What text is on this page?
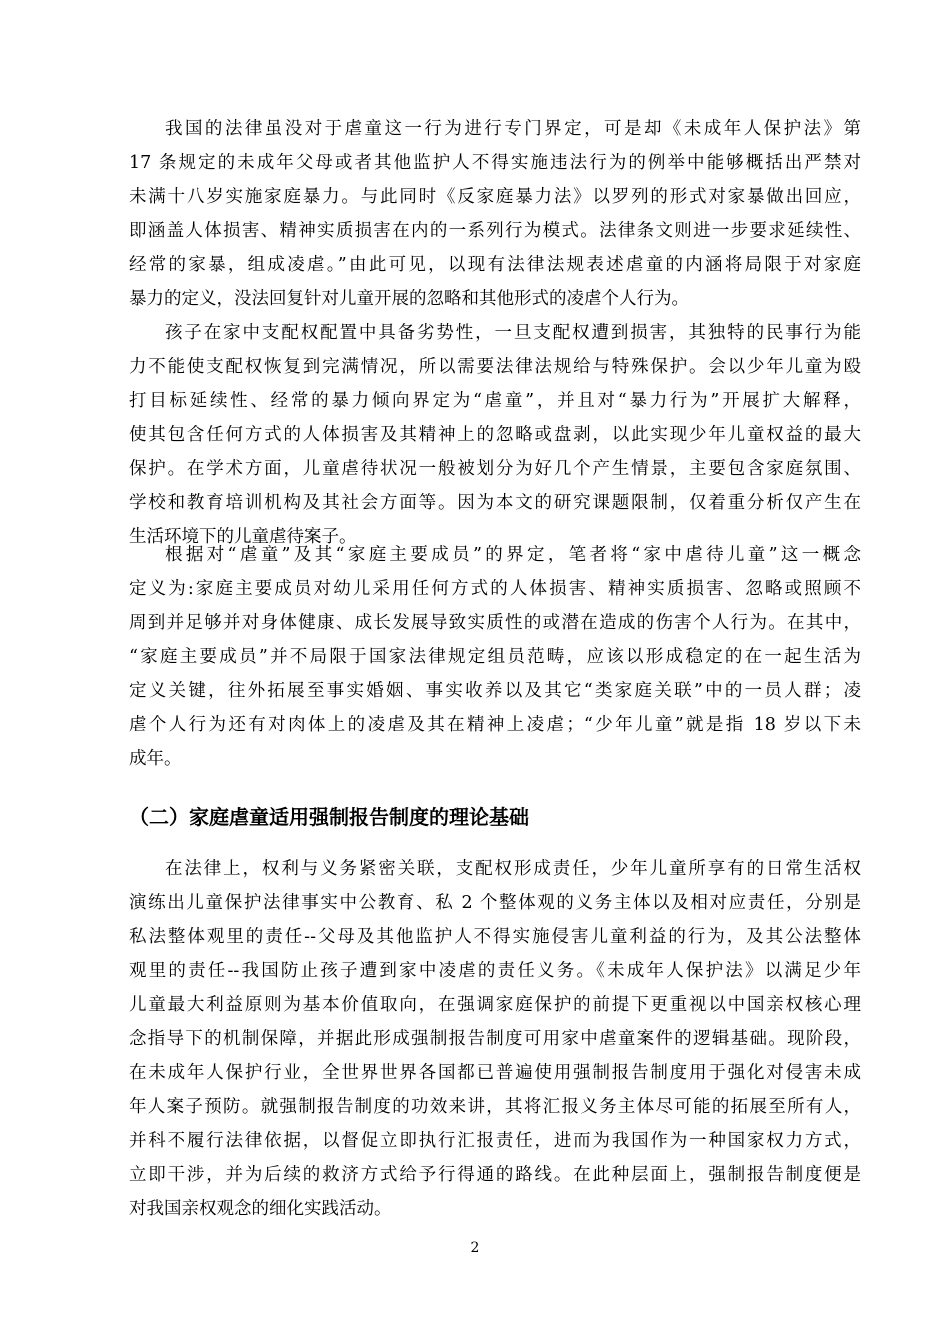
我国的法律虽没对于虐童这一行为进行专门界定，可是却《未成年人保护法》第
17 条规定的未成年父母或者其他监护人不得实施违法行为的例举中能够概括出严禁对
未满十八岁实施家庭暴力。与此同时《反家庭暴力法》以罗列的形式对家暴做出回应，
即涵盖人体损害、精神实质损害在内的一系列行为模式。法律条文则进一步要求延续性、
经常的家暴，组成凌虐。”由此可见，以现有法律法规表述虐童的内涵将局限于对家庭
暴力的定义，没法回复针对儿童开展的忽略和其他形式的凌虐个人行为。
孩子在家中支配权配置中具备劣势性，一旦支配权遭到损害，其独特的民事行为能
力不能使支配权恢复到完满情况，所以需要法律法规给与特殊保护。会以少年儿童为殴
打目标延续性、经常的暴力倾向界定为“虐童”，并且对“暴力行为”开展扩大解释，
使其包含任何方式的人体损害及其精神上的忽略或盘剥，以此实现少年儿童权益的最大
保护。在学术方面，儿童虐待状况一般被划分为好几个产生情景，主要包含家庭氛围、
学校和教育培训机构及其社会方面等。因为本文的研究课题限制，仅着重分析仅产生在
生活环境下的儿童虐待案子。
根据对“虐童”及其“家庭主要成员”的界定，笔者将“家中虐待儿童”这一概念
定义为:家庭主要成员对幼儿采用任何方式的人体损害、精神实质损害、忽略或照顾不
周到并足够并对身体健康、成长发展导致实质性的或潜在造成的伤害个人行为。在其中，
“家庭主要成员”并不局限于国家法律规定组员范畴，应该以形成稳定的在一起生活为
定义关键，往外拓展至事实婚姻、事实收养以及其它“类家庭关联”中的一员人群；凌
虐个人行为还有对肉体上的凌虐及其在精神上凌虐；“少年儿童”就是指 18 岁以下未
成年。
（二）家庭虐童适用强制报告制度的理论基础
在法律上，权利与义务紧密关联，支配权形成责任，少年儿童所享有的日常生活权
演练出儿童保护法律事实中公教育、私 2 个整体观的义务主体以及相对应责任，分别是
私法整体观里的责任--父母及其他监护人不得实施侵害儿童利益的行为，及其公法整体
观里的责任--我国防止孩子遭到家中凌虐的责任义务。《未成年人保护法》以满足少年
儿童最大利益原则为基本价值取向，在强调家庭保护的前提下更重视以中国亲权核心理
念指导下的机制保障，并据此形成强制报告制度可用家中虐童案件的逻辑基础。现阶段，
在未成年人保护行业，全世界世界各国都已普遍使用强制报告制度用于强化对侵害未成
年人案子预防。就强制报告制度的功效来讲，其将汇报义务主体尽可能的拓展至所有人，
并科不履行法律依据，以督促立即执行汇报责任，进而为我国作为一种国家权力方式，
立即干涉，并为后续的救济方式给予行得通的路线。在此种层面上，强制报告制度便是
对我国亲权观念的细化实践活动。
2
